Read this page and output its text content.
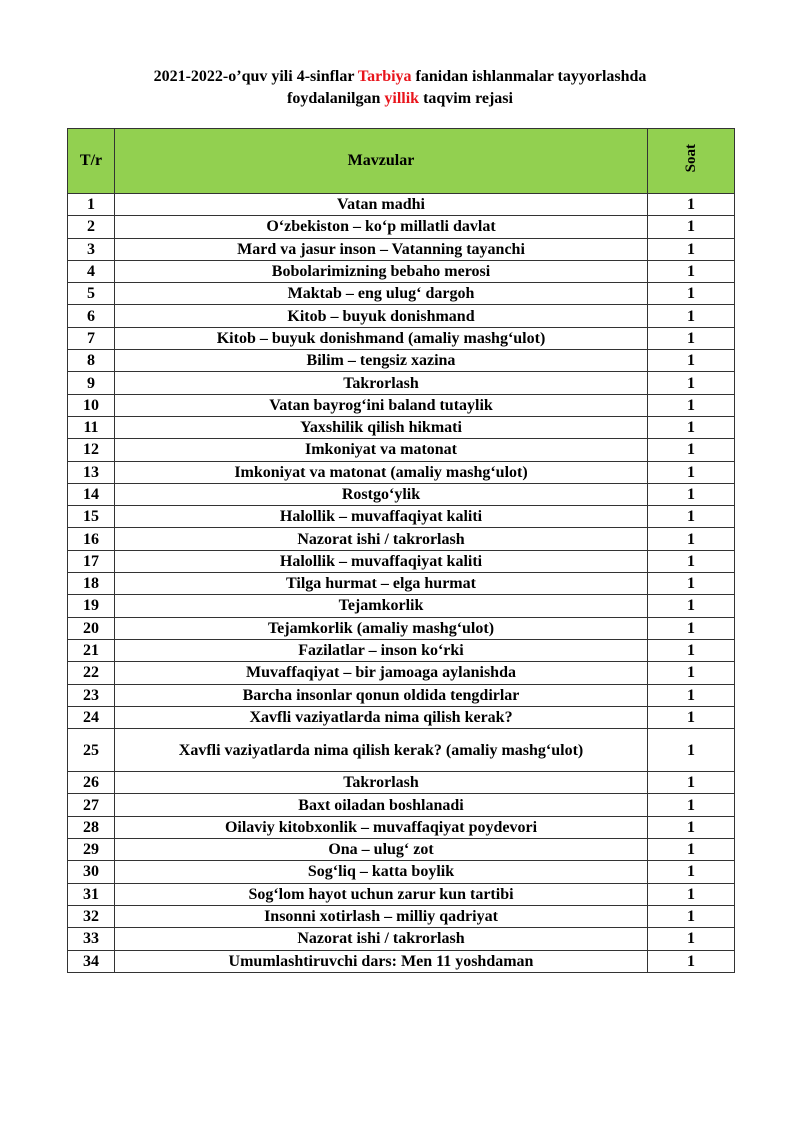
2021-2022-o’quv yili 4-sinflar Tarbiya fanidan ishlanmalar tayyorlashda
foydalanilgan yillik taqvim rejasi
T/r	Mavzular	Soat
1	Vatan madhi	1
2	O‘zbekiston – ko‘p millatli davlat	1
3	Mard va jasur inson – Vatanning tayanchi	1
4	Bobolarimizning bebaho merosi	1
5	Maktab – eng ulug‘ dargoh	1
6	Kitob – buyuk donishmand	1
7	Kitob – buyuk donishmand (amaliy mashg‘ulot)	1
8	Bilim – tengsiz xazina	1
9	Takrorlash	1
10	Vatan bayrog‘ini baland tutaylik	1
11	Yaxshilik qilish hikmati	1
12	Imkoniyat va matonat	1
13	Imkoniyat va matonat (amaliy mashg‘ulot)	1
14	Rostgo‘ylik	1
15	Halollik – muvaffaqiyat kaliti	1
16	Nazorat ishi / takrorlash	1
17	Halollik – muvaffaqiyat kaliti	1
18	Tilga hurmat – elga hurmat	1
19	Tejamkorlik	1
20	Tejamkorlik (amaliy mashg‘ulot)	1
21	Fazilatlar – inson ko‘rki	1
22	Muvaffaqiyat – bir jamoaga aylanishda	1
23	Barcha insonlar qonun oldida tengdirlar	1
24	Xavfli vaziyatlarda nima qilish kerak?	1
25	Xavfli vaziyatlarda nima qilish kerak? (amaliy mashg‘ulot)	1
26	Takrorlash	1
27	Baxt oiladan boshlanadi	1
28	Oilaviy kitobxonlik – muvaffaqiyat poydevori	1
29	Ona – ulug‘ zot	1
30	Sog‘liq – katta boylik	1
31	Sog‘lom hayot uchun zarur kun tartibi	1
32	Insonni xotirlash – milliy qadriyat	1
33	Nazorat ishi / takrorlash	1
34	Umumlashtiruvchi dars: Men 11 yoshdaman	1
